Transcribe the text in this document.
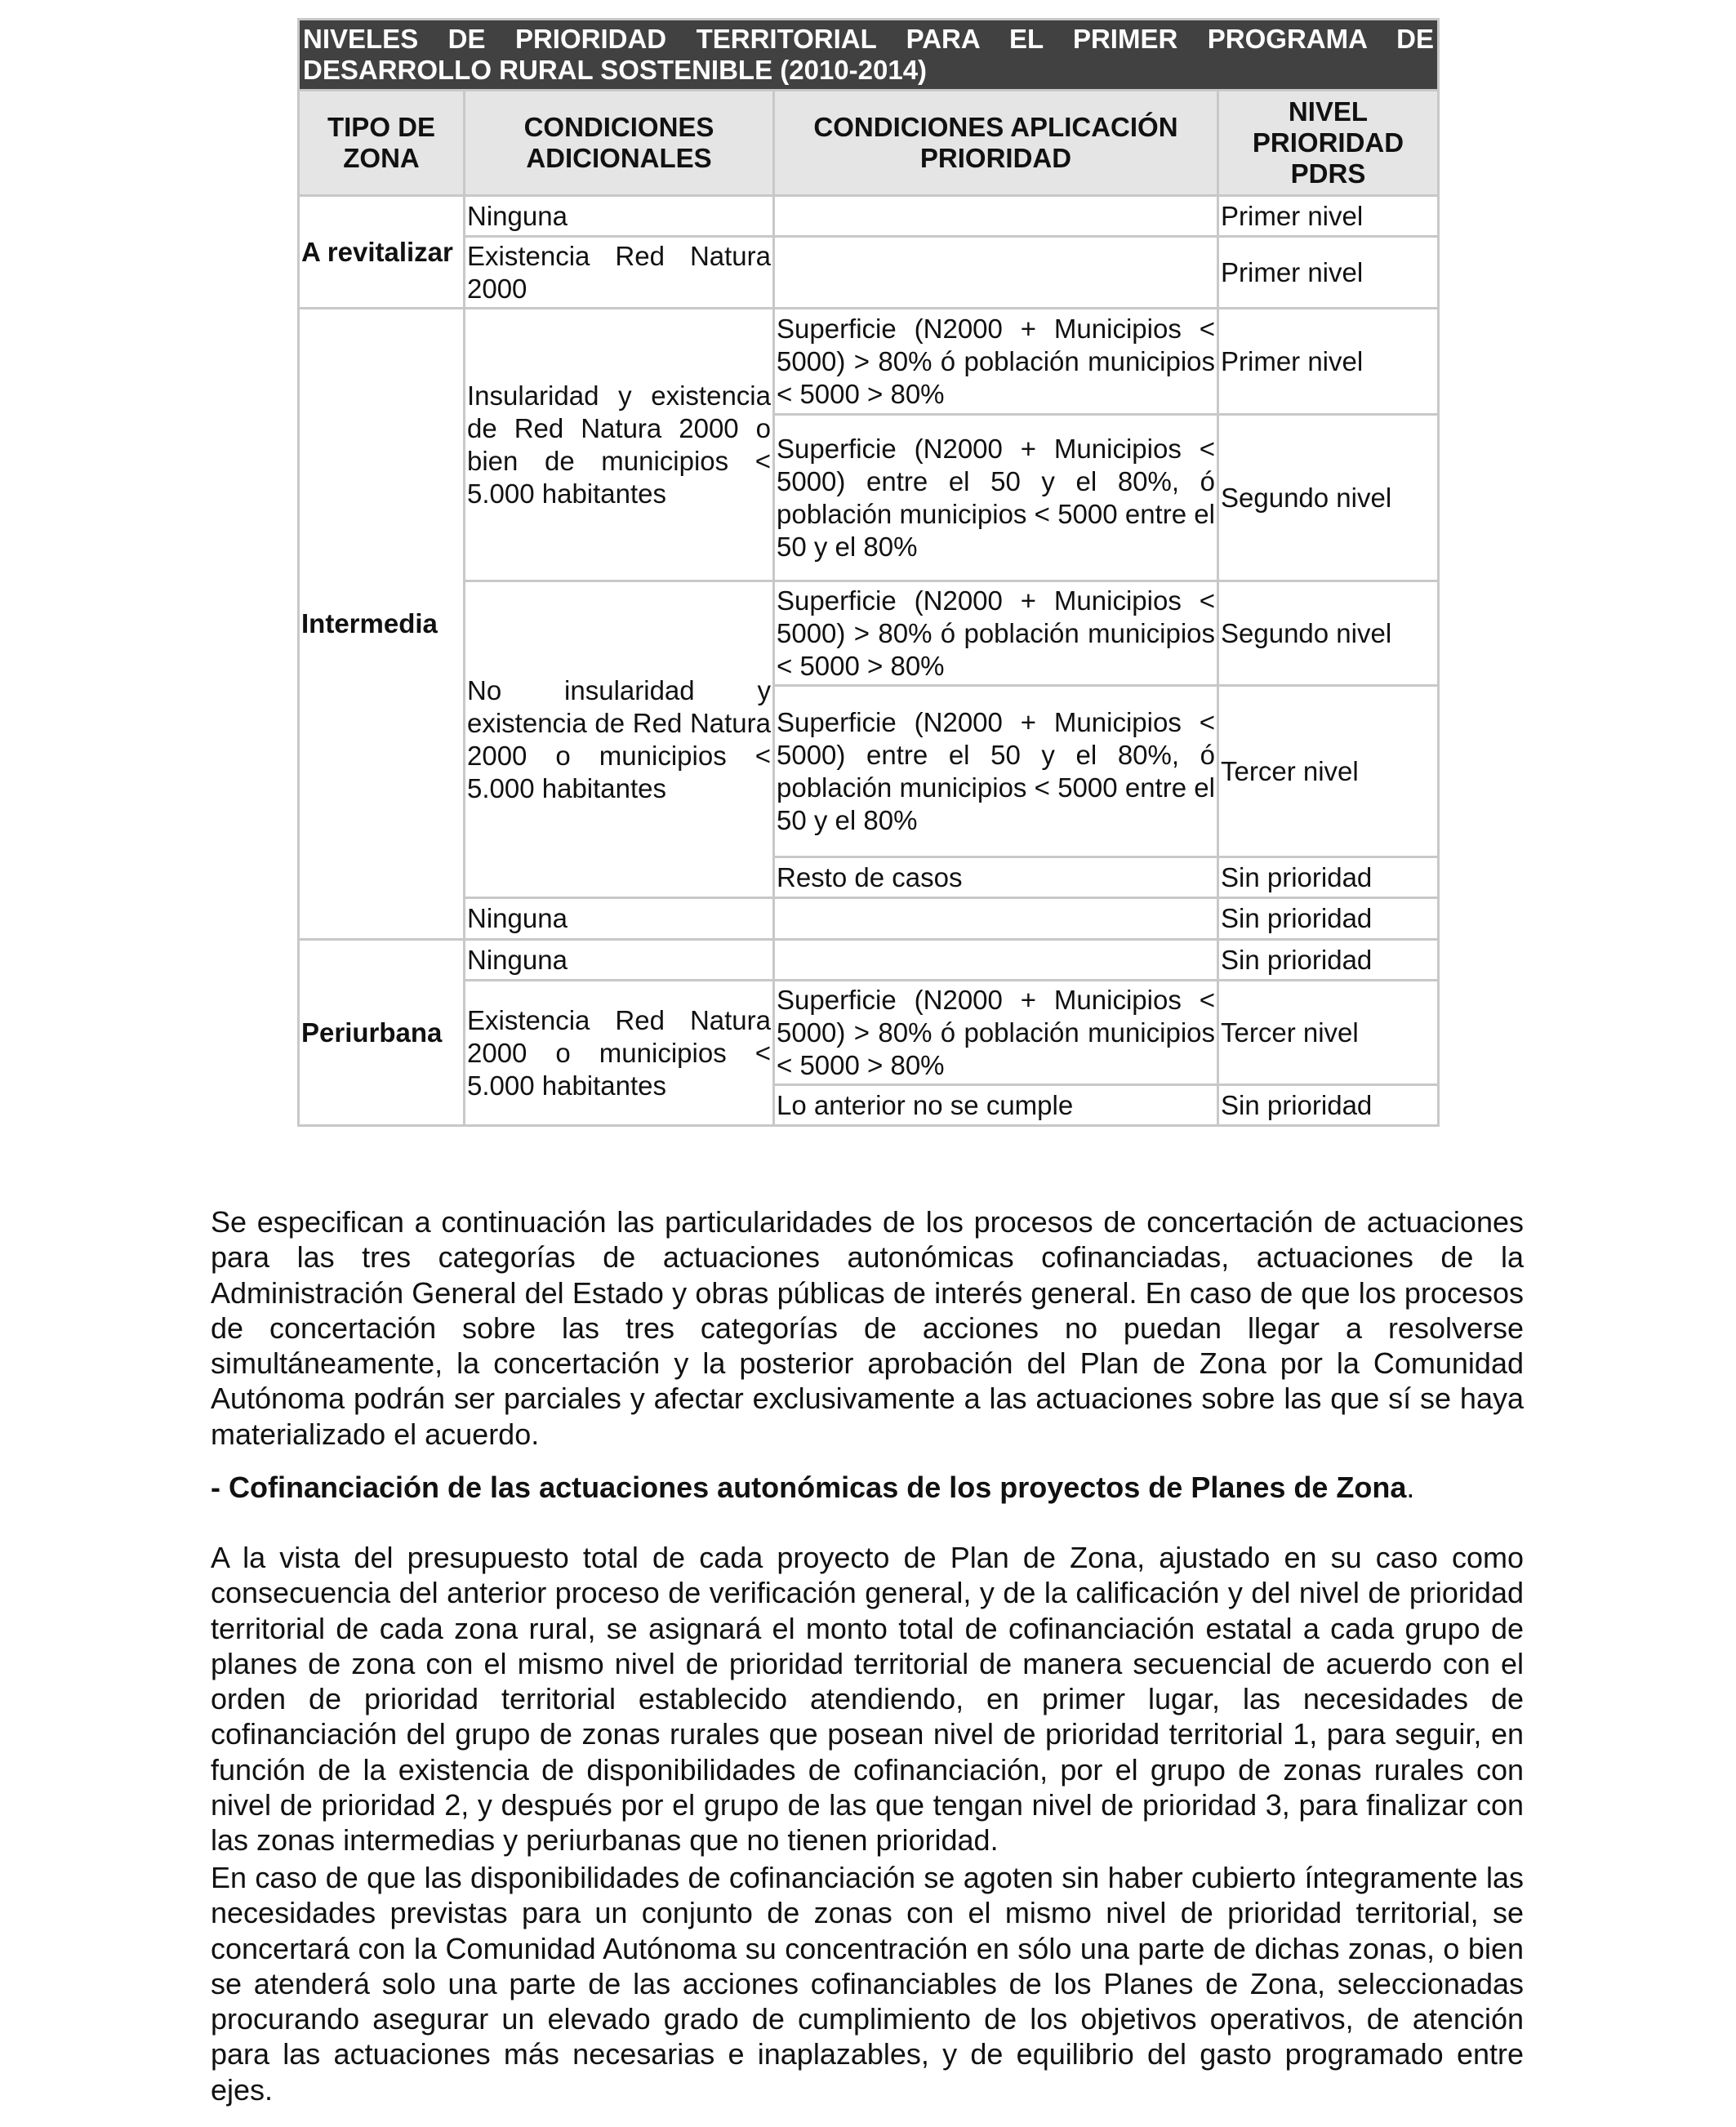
NIVELES DE PRIORIDAD TERRITORIAL PARA EL PRIMER PROGRAMA DE DESARROLLO RURAL SOSTENIBLE (2010-2014)			
TIPO DE ZONA	CONDICIONES ADICIONALES	CONDICIONES APLICACIÓN PRIORIDAD	NIVEL PRIORIDAD PDRS
A revitalizar	Ninguna		Primer nivel
	Existencia Red Natura 2000		Primer nivel
Intermedia	Insularidad y existencia de Red Natura 2000 o bien de municipios < 5.000 habitantes	Superficie (N2000 + Municipios < 5000) > 80% ó población municipios < 5000 > 80%	Primer nivel
		Superficie (N2000 + Municipios < 5000) entre el 50 y el 80%, ó población municipios < 5000 entre el 50 y el 80%	Segundo nivel
	No insularidad y existencia de Red Natura 2000 o municipios < 5.000 habitantes	Superficie (N2000 + Municipios < 5000) > 80% ó población municipios < 5000 > 80%	Segundo nivel
		Superficie (N2000 + Municipios < 5000) entre el 50 y el 80%, ó población municipios < 5000 entre el 50 y el 80%	Tercer nivel
		Resto de casos	Sin prioridad
	Ninguna		Sin prioridad
Periurbana	Ninguna		Sin prioridad
	Existencia Red Natura 2000 o municipios < 5.000 habitantes	Superficie (N2000 + Municipios < 5000) > 80% ó población municipios < 5000 > 80%	Tercer nivel
		Lo anterior no se cumple	Sin prioridad

Se especifican a continuación las particularidades de los procesos de concertación de actuaciones para las tres categorías de actuaciones autonómicas cofinanciadas, actuaciones de la Administración General del Estado y obras públicas de interés general. En caso de que los procesos de concertación sobre las tres categorías de acciones no puedan llegar a resolverse simultáneamente, la concertación y la posterior aprobación del Plan de Zona por la Comunidad Autónoma podrán ser parciales y afectar exclusivamente a las actuaciones sobre las que sí se haya materializado el acuerdo.

- Cofinanciación de las actuaciones autonómicas de los proyectos de Planes de Zona.

A la vista del presupuesto total de cada proyecto de Plan de Zona, ajustado en su caso como consecuencia del anterior proceso de verificación general, y de la calificación y del nivel de prioridad territorial de cada zona rural, se asignará el monto total de cofinanciación estatal a cada grupo de planes de zona con el mismo nivel de prioridad territorial de manera secuencial de acuerdo con el orden de prioridad territorial establecido atendiendo, en primer lugar, las necesidades de cofinanciación del grupo de zonas rurales que posean nivel de prioridad territorial 1, para seguir, en función de la existencia de disponibilidades de cofinanciación, por el grupo de zonas rurales con nivel de prioridad 2, y después por el grupo de las que tengan nivel de prioridad 3, para finalizar con las zonas intermedias y periurbanas que no tienen prioridad.

En caso de que las disponibilidades de cofinanciación se agoten sin haber cubierto íntegramente las necesidades previstas para un conjunto de zonas con el mismo nivel de prioridad territorial, se concertará con la Comunidad Autónoma su concentración en sólo una parte de dichas zonas, o bien se atenderá solo una parte de las acciones cofinanciables de los Planes de Zona, seleccionadas procurando asegurar un elevado grado de cumplimiento de los objetivos operativos, de atención para las actuaciones más necesarias e inaplazables, y de equilibrio del gasto programado entre ejes.
